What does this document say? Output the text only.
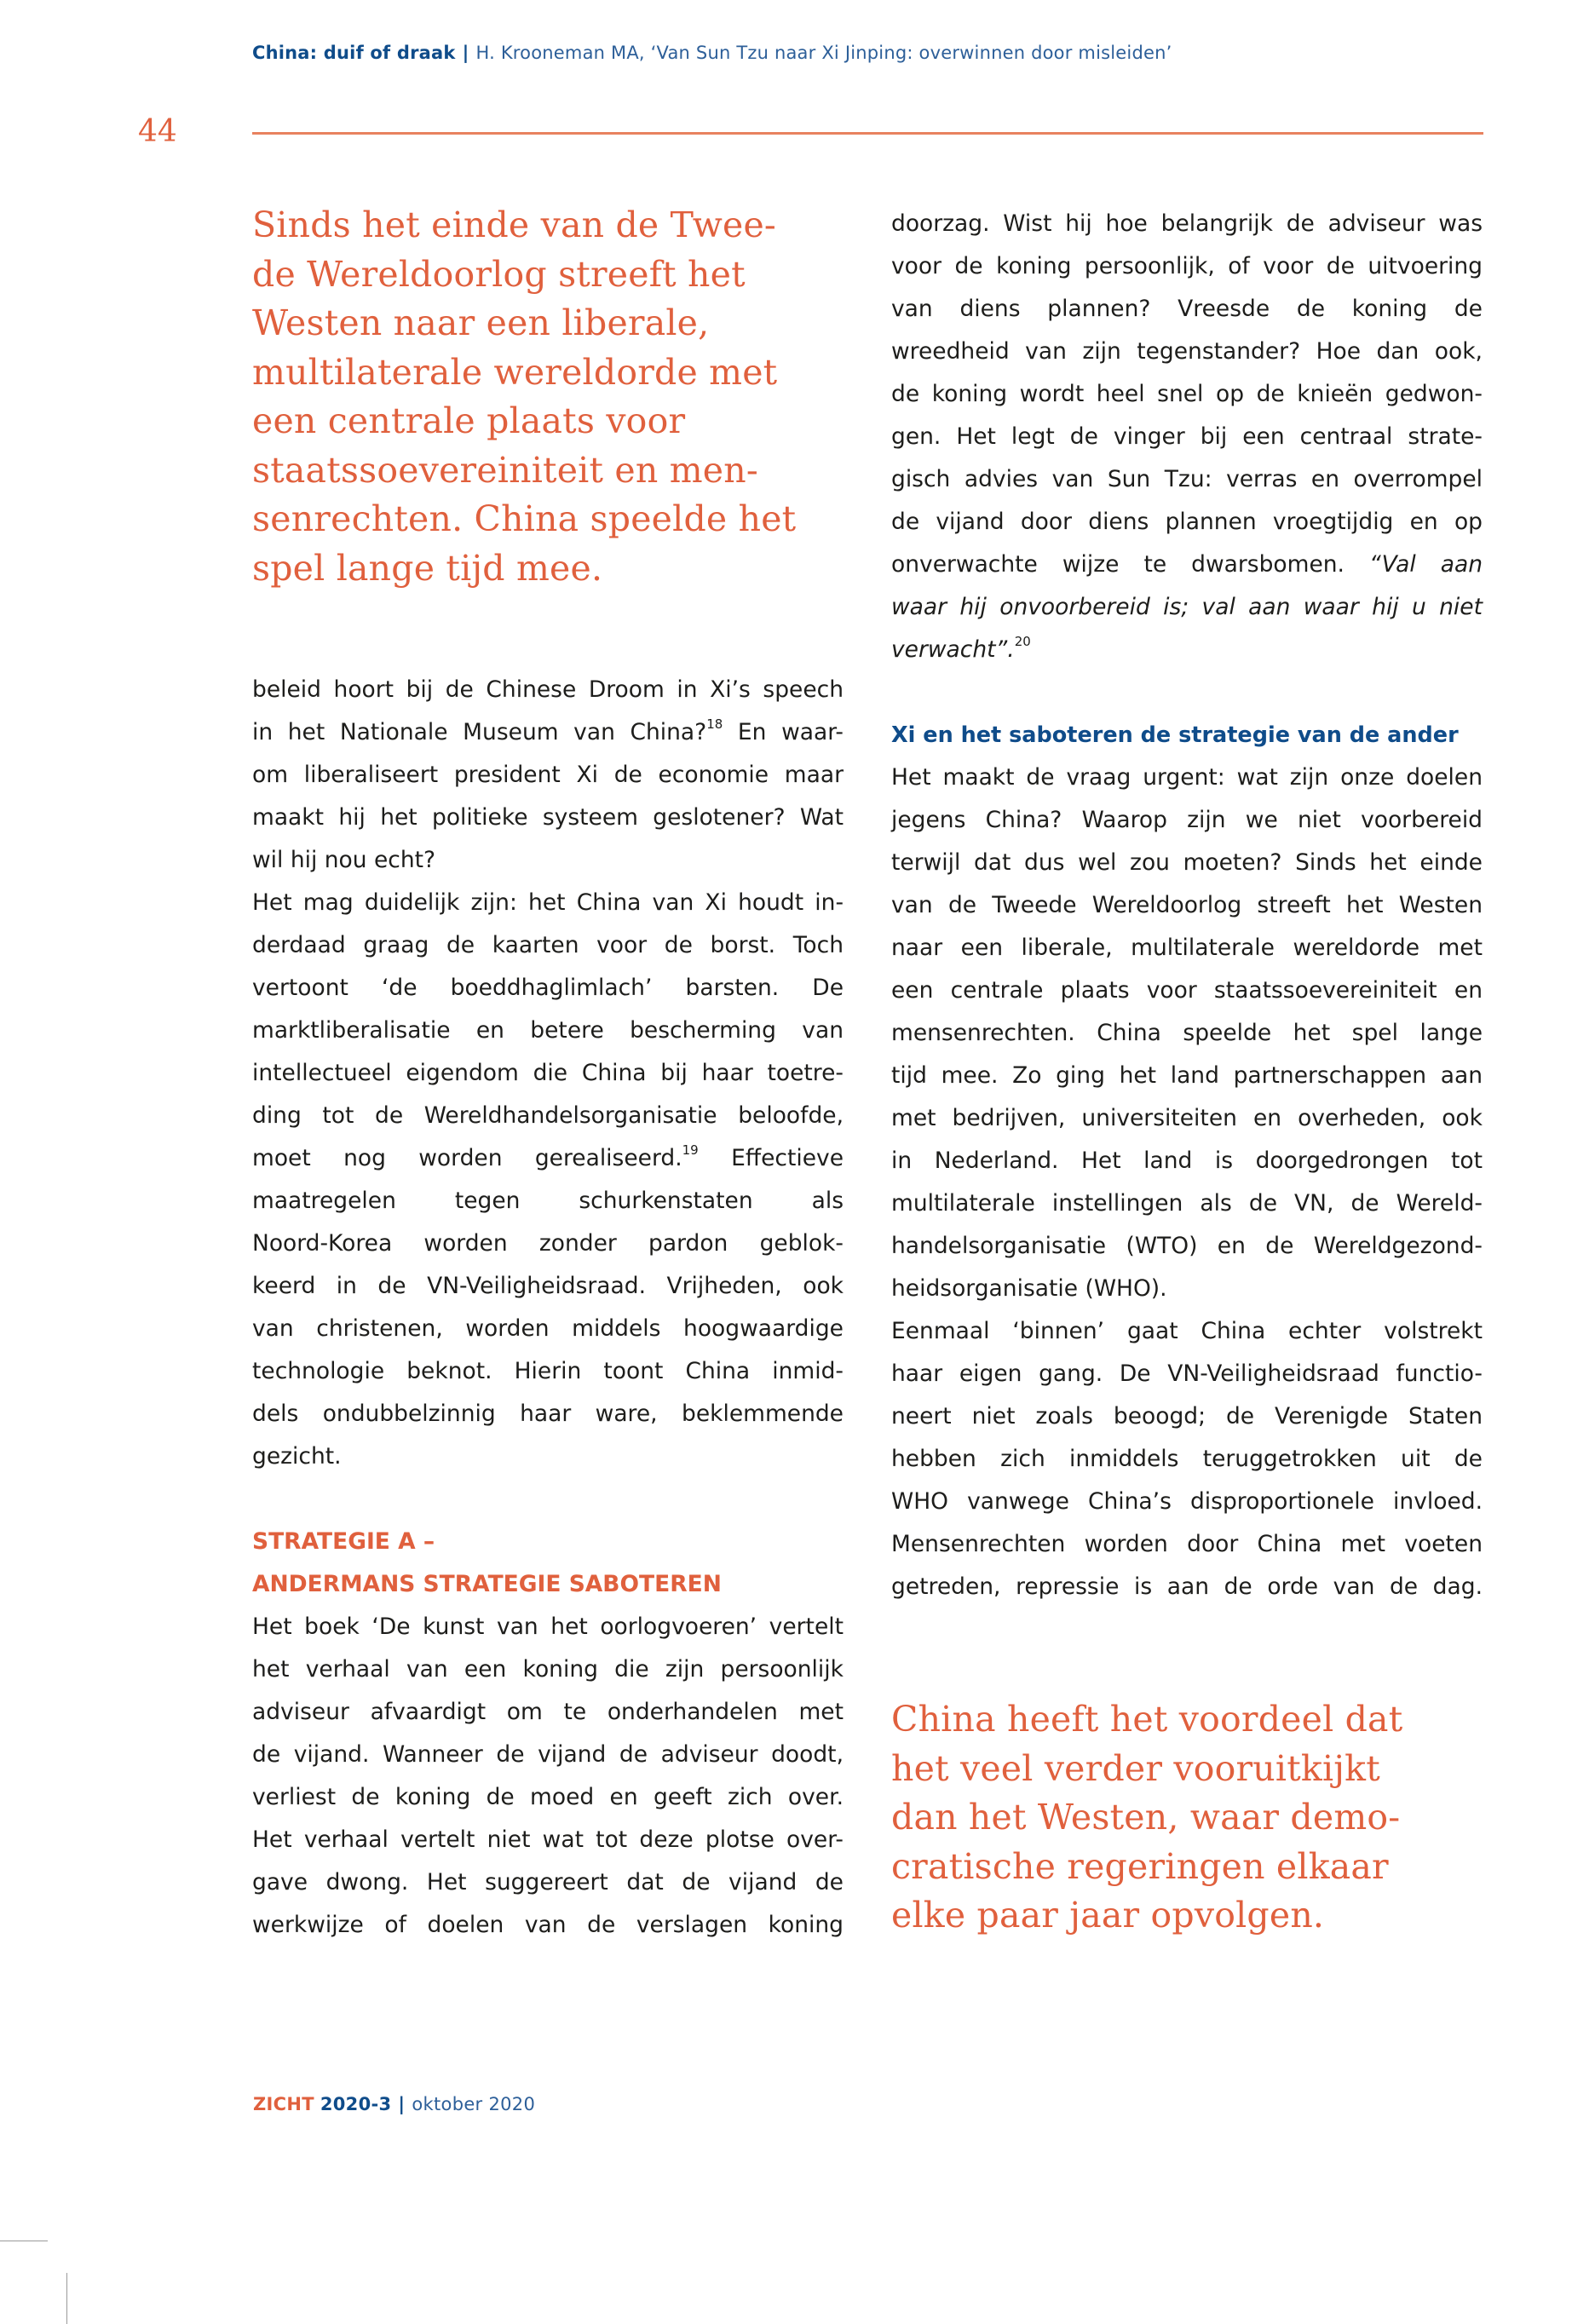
China: duif of draak | H. Krooneman MA, ‘Van Sun Tzu naar Xi Jinping: overwinnen door misleiden’
44

Sinds het einde van de Twee-
de Wereldoorlog streeft het
Westen naar een liberale,
multilaterale wereldorde met
een centrale plaats voor
staatssoevereiniteit en men-
senrechten. China speelde het
spel lange tijd mee.

beleid hoort bij de Chinese Droom in Xi’s speech
in het Nationale Museum van China?$^{18}$ En waar-
om liberaliseert president Xi de economie maar
maakt hij het politieke systeem geslotener? Wat
wil hij nou echt?

Het mag duidelijk zijn: het China van Xi houdt in-
derdaad graag de kaarten voor de borst. Toch
vertoont ‘de boeddhaglimlach’ barsten. De
marktliberalisatie en betere bescherming van
intellectueel eigendom die China bij haar toetre-
ding tot de Wereldhandelsorganisatie beloofde,
moet nog worden gerealiseerd.$^{19}$ Effectieve
maatregelen tegen schurkenstaten als
Noord-Korea worden zonder pardon geblok-
keerd in de VN-Veiligheidsraad. Vrijheden, ook
van christenen, worden middels hoogwaardige
technologie beknot. Hierin toont China inmid-
dels ondubbelzinnig haar ware, beklemmende
gezicht.

STRATEGIE A –
ANDERMANS STRATEGIE SABOTEREN

Het boek ‘De kunst van het oorlogvoeren’ vertelt
het verhaal van een koning die zijn persoonlijk
adviseur afvaardigt om te onderhandelen met
de vijand. Wanneer de vijand de adviseur doodt,
verliest de koning de moed en geeft zich over.
Het verhaal vertelt niet wat tot deze plotse over-
gave dwong. Het suggereert dat de vijand de
werkwijze of doelen van de verslagen koning

doorzag. Wist hij hoe belangrijk de adviseur was
voor de koning persoonlijk, of voor de uitvoering
van diens plannen? Vreesde de koning de
wreedheid van zijn tegenstander? Hoe dan ook,
de koning wordt heel snel op de knieën gedwon-
gen. Het legt de vinger bij een centraal strate-
gisch advies van Sun Tzu: verras en overrompel
de vijand door diens plannen vroegtijdig en op
onverwachte wijze te dwarsbomen. “Val aan
waar hij onvoorbereid is; val aan waar hij u niet
verwacht”.$^{20}$

Xi en het saboteren de strategie van de ander

Het maakt de vraag urgent: wat zijn onze doelen
jegens China? Waarop zijn we niet voorbereid
terwijl dat dus wel zou moeten? Sinds het einde
van de Tweede Wereldoorlog streeft het Westen
naar een liberale, multilaterale wereldorde met
een centrale plaats voor staatssoevereiniteit en
mensenrechten. China speelde het spel lange
tijd mee. Zo ging het land partnerschappen aan
met bedrijven, universiteiten en overheden, ook
in Nederland. Het land is doorgedrongen tot
multilaterale instellingen als de VN, de Wereld-
handelsorganisatie (WTO) en de Wereldgezond-
heidsorganisatie (WHO).

Eenmaal ‘binnen’ gaat China echter volstrekt
haar eigen gang. De VN-Veiligheidsraad functio-
neert niet zoals beoogd; de Verenigde Staten
hebben zich inmiddels teruggetrokken uit de
WHO vanwege China’s disproportionele invloed.
Mensenrechten worden door China met voeten
getreden, repressie is aan de orde van de dag.

China heeft het voordeel dat
het veel verder vooruitkijkt
dan het Westen, waar demo-
cratische regeringen elkaar
elke paar jaar opvolgen.

ZICHT 2020-3 | oktober 2020
